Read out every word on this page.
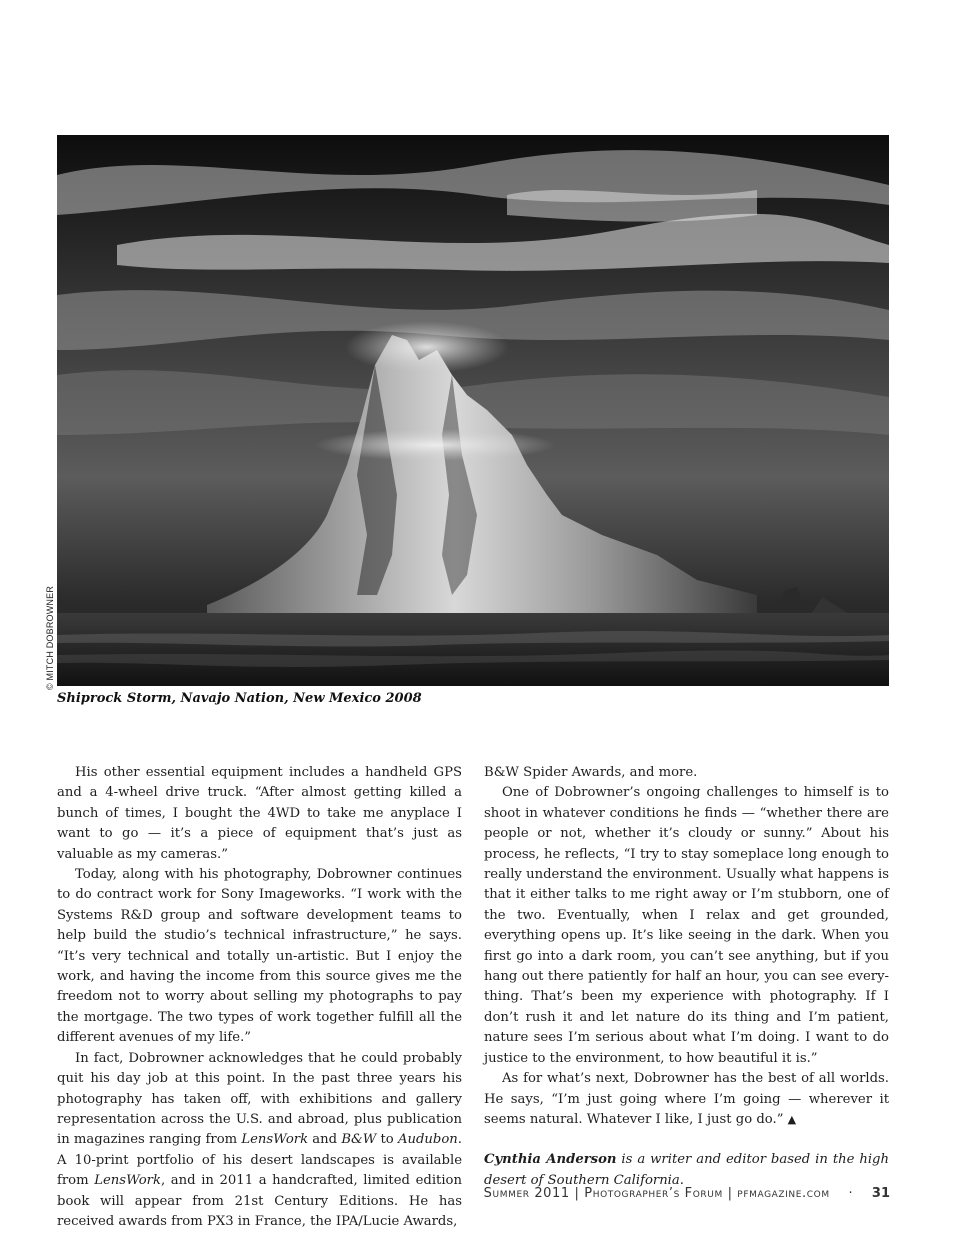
© MITCH DOBROWNER
Shiprock Storm, Navajo Nation, New Mexico 2008

His other essential equipment includes a handheld GPS and a 4-wheel drive truck. “After almost getting killed a bunch of times, I bought the 4WD to take me anyplace I want to go — it’s a piece of equipment that’s just as valuable as my cameras.”

Today, along with his photography, Dobrowner continues to do contract work for Sony Imageworks. “I work with the Systems R&D group and software development teams to help build the studio’s technical infrastructure,” he says. “It’s very technical and totally un-artistic. But I enjoy the work, and having the income from this source gives me the freedom not to worry about selling my photographs to pay the mortgage. The two types of work together fulfill all the different avenues of my life.”

In fact, Dobrowner acknowledges that he could probably quit his day job at this point. In the past three years his photography has taken off, with exhibitions and gallery representation across the U.S. and abroad, plus publication in magazines ranging from LensWork and B&W to Audubon. A 10-print portfolio of his desert landscapes is available from LensWork, and in 2011 a handcrafted, limited edition book will appear from 21st Century Editions. He has received awards from PX3 in France, the IPA/Lucie Awards,

B&W Spider Awards, and more.

One of Dobrowner’s ongoing challenges to himself is to shoot in whatever conditions he finds — “whether there are people or not, whether it’s cloudy or sunny.” About his process, he reflects, “I try to stay someplace long enough to really understand the environment. Usually what happens is that it either talks to me right away or I’m stubborn, one of the two. Eventually, when I relax and get grounded, everything opens up. It’s like seeing in the dark. When you first go into a dark room, you can’t see anything, but if you hang out there patiently for half an hour, you can see everything. That’s been my experience with photography. If I don’t rush it and let nature do its thing and I’m patient, nature sees I’m serious about what I’m doing. I want to do justice to the environment, to how beautiful it is.”

As for what’s next, Dobrowner has the best of all worlds. He says, “I’m just going where I’m going — wherever it seems natural. Whatever I like, I just go do.” ▲

Cynthia Anderson is a writer and editor based in the high desert of Southern California.

Summer 2011 | Photographer’s Forum | pfmagazine.com · 31
